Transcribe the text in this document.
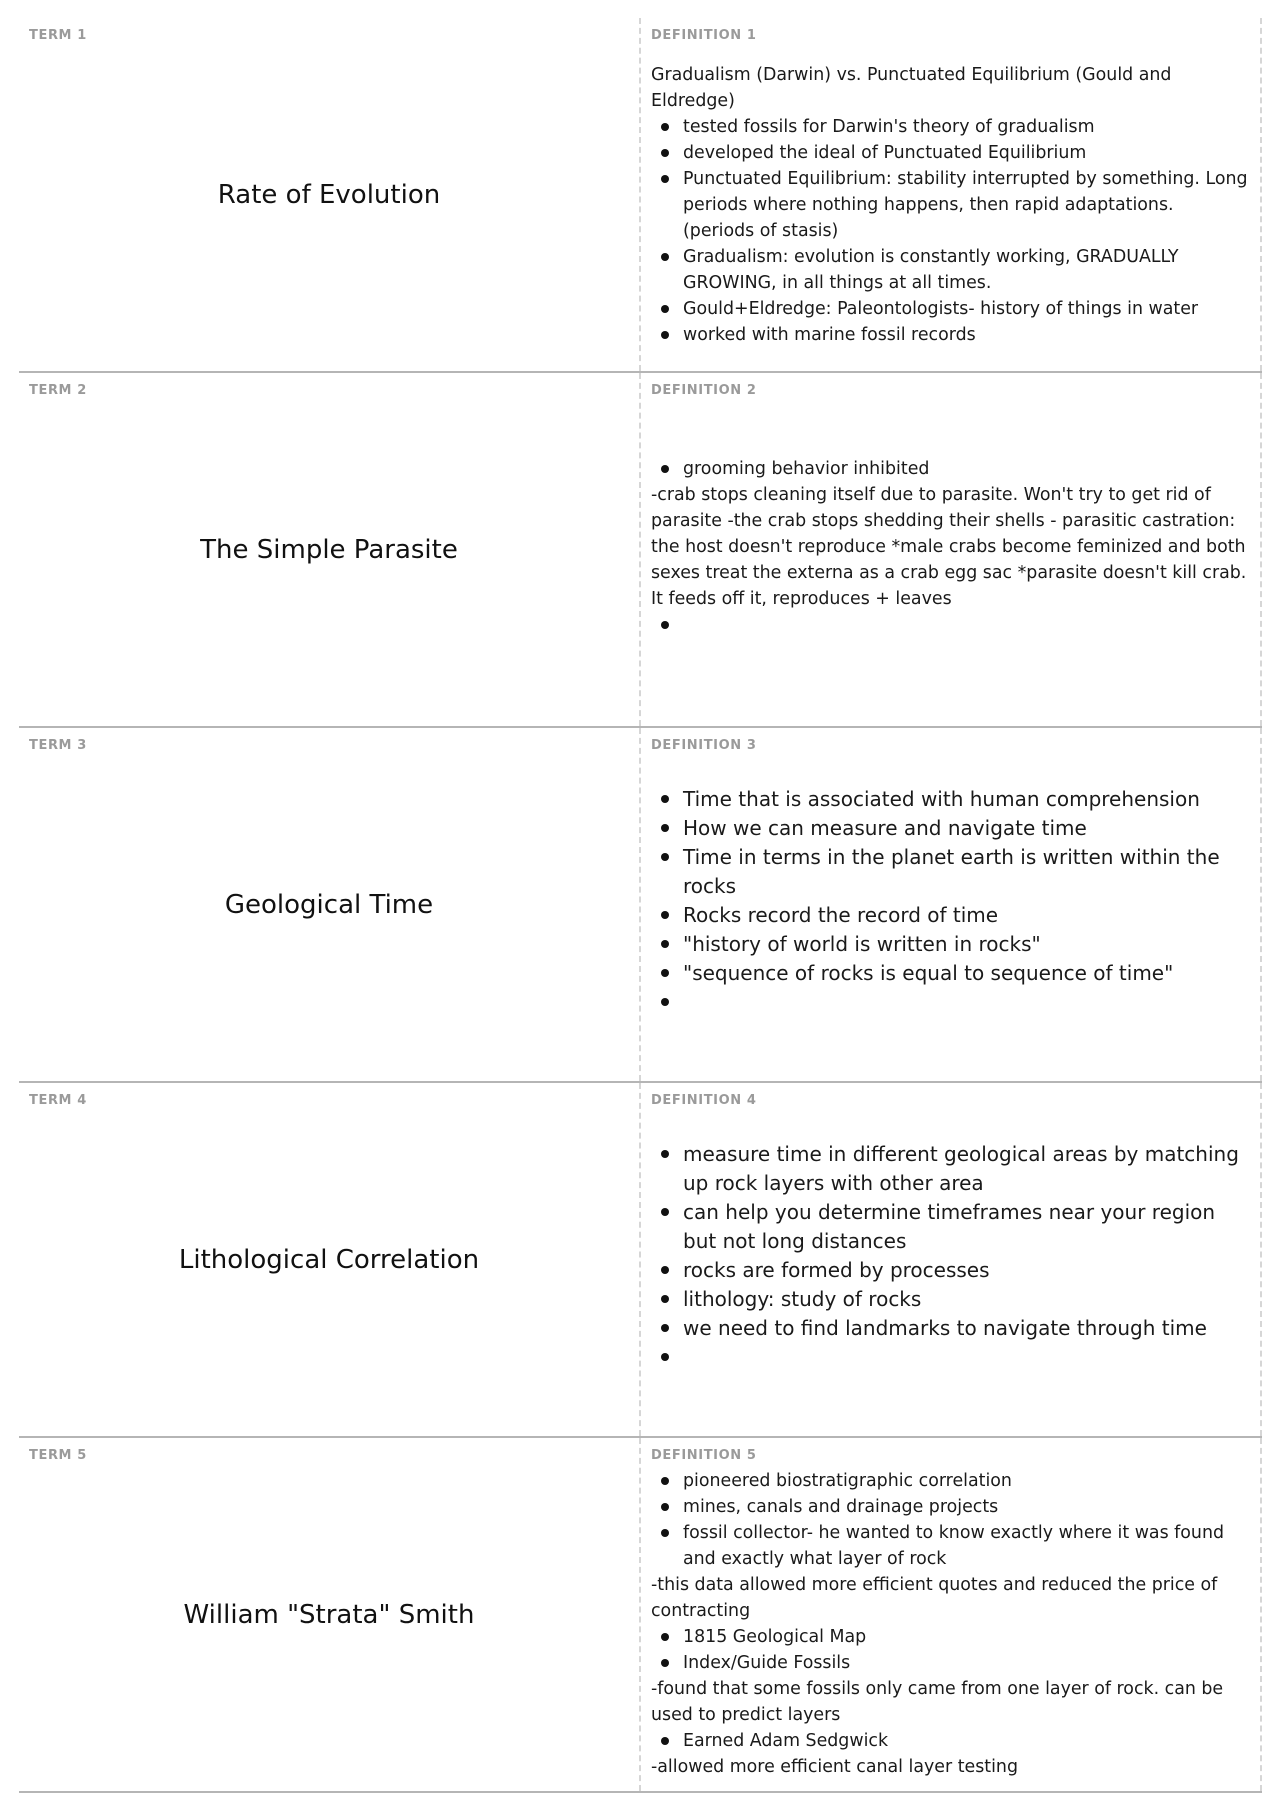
TERM 1
Rate of Evolution
DEFINITION 1

Gradualism (Darwin) vs. Punctuated Equilibrium (Gould and Eldredge)

tested fossils for Darwin's theory of gradualism
developed the ideal of Punctuated Equilibrium
Punctuated Equilibrium: stability interrupted by something. Long periods where nothing happens, then rapid adaptations. (periods of stasis)
Gradualism: evolution is constantly working, GRADUALLY GROWING, in all things at all times.
Gould+Eldredge: Paleontologists- history of things in water
worked with marine fossil records
TERM 2
The Simple Parasite
DEFINITION 2
grooming behavior inhibited

-crab stops cleaning itself due to parasite. Won't try to get rid of parasite -the crab stops shedding their shells - parasitic castration: the host doesn't reproduce *male crabs become feminized and both sexes treat the externa as a crab egg sac *parasite doesn't kill crab. It feeds off it, reproduces + leaves

TERM 3
Geological Time
DEFINITION 3
Time that is associated with human comprehension
How we can measure and navigate time
Time in terms in the planet earth is written within the rocks
Rocks record the record of time
"history of world is written in rocks"
"sequence of rocks is equal to sequence of time"
TERM 4
Lithological Correlation
DEFINITION 4
measure time in different geological areas by matching up rock layers with other area
can help you determine timeframes near your region but not long distances
rocks are formed by processes
lithology: study of rocks
we need to find landmarks to navigate through time
TERM 5
William "Strata" Smith
DEFINITION 5
pioneered biostratigraphic correlation
mines, canals and drainage projects
fossil collector- he wanted to know exactly where it was found and exactly what layer of rock

-this data allowed more efficient quotes and reduced the price of contracting

1815 Geological Map
Index/Guide Fossils

-found that some fossils only came from one layer of rock. can be used to predict layers

Earned Adam Sedgwick

-allowed more efficient canal layer testing
